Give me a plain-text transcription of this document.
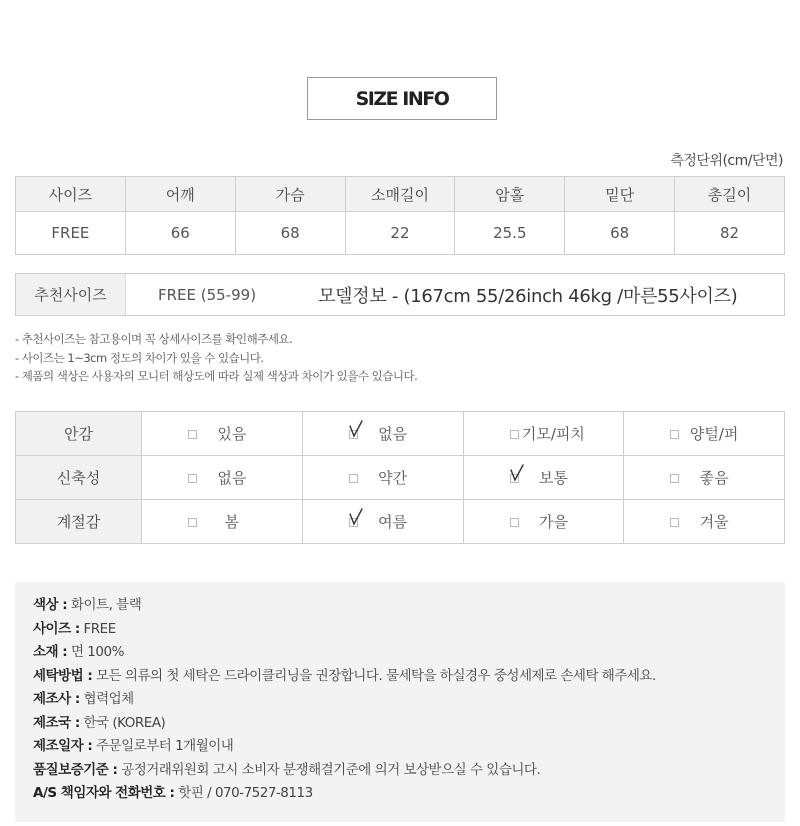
SIZE INFO
측정단위(cm/단면)
사이즈	어깨	가슴	소매길이	암홀	밑단	총길이
FREE	66	68	22	25.5	68	82
추천사이즈	FREE (55-99)	모델정보 - (167cm 55/26inch 46kg /마른55사이즈)
- 추천사이즈는 참고용이며 꼭 상세사이즈를 확인해주세요.
- 사이즈는 1~3cm 정도의 차이가 있을 수 있습니다.
- 제품의 색상은 사용자의 모니터 해상도에 따라 실제 색상과 차이가 있을수 있습니다.
안감	있음	없음	기모/피치	양털/퍼

신축성	없음	약간	보통	좋음

계절감	봄	여름	가을	겨울
색상 : 화이트, 블랙
사이즈 : FREE
소재 : 면 100%
세탁방법 : 모든 의류의 첫 세탁은 드라이클리닝을 권장합니다. 물세탁을 하실경우 중성세제로 손세탁 해주세요.
제조사 : 협력업체
제조국 : 한국 (KOREA)
제조일자 : 주문일로부터 1개월이내
품질보증기준 : 공정거래위원회 고시 소비자 분쟁해결기준에 의거 보상받으실 수 있습니다.
A/S 책임자와 전화번호 : 핫핀 / 070-7527-8113
